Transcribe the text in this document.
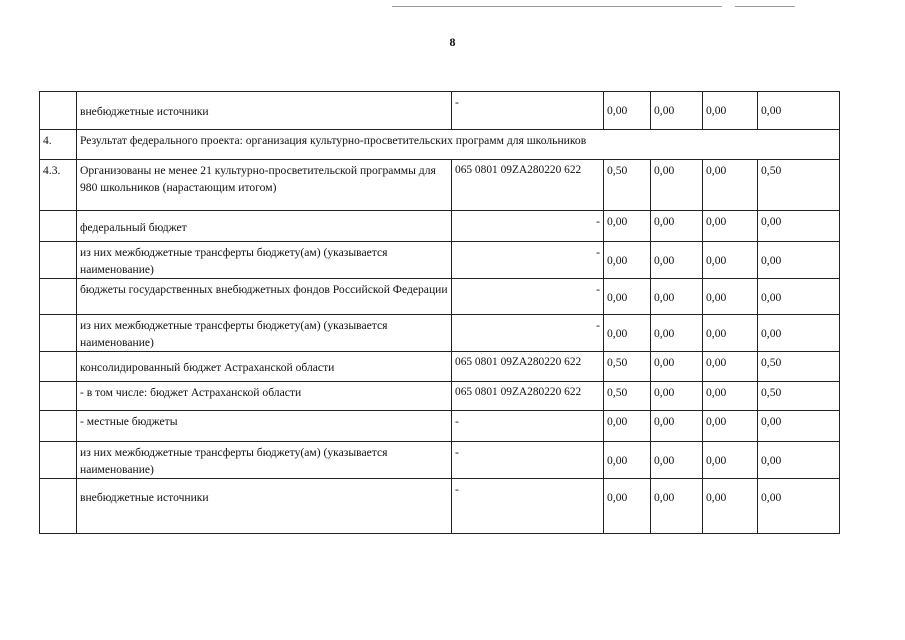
8
	внебюджетные источники	-	0,00	0,00	0,00	0,00
4.	Результат федерального проекта: организация культурно-просветительских программ для школьников					
4.3.	Организованы не менее 21 культурно-просветительской программы для 980 школьников (нарастающим итогом)	065 0801 09ZA280220 622	0,50	0,00	0,00	0,50
	федеральный бюджет	-	0,00	0,00	0,00	0,00
	из них межбюджетные трансферты бюджету(ам) (указывается наименование)	-	0,00	0,00	0,00	0,00
	бюджеты государственных внебюджетных фондов Российской Федерации	-	0,00	0,00	0,00	0,00
	из них межбюджетные трансферты бюджету(ам) (указывается наименование)	-	0,00	0,00	0,00	0,00
	консолидированный бюджет Астраханской области	065 0801 09ZA280220 622	0,50	0,00	0,00	0,50
	- в том числе: бюджет Астраханской области	065 0801 09ZA280220 622	0,50	0,00	0,00	0,50
	- местные бюджеты	-	0,00	0,00	0,00	0,00
	из них межбюджетные трансферты бюджету(ам) (указывается наименование)	-	0,00	0,00	0,00	0,00
	внебюджетные источники	-	0,00	0,00	0,00	0,00
